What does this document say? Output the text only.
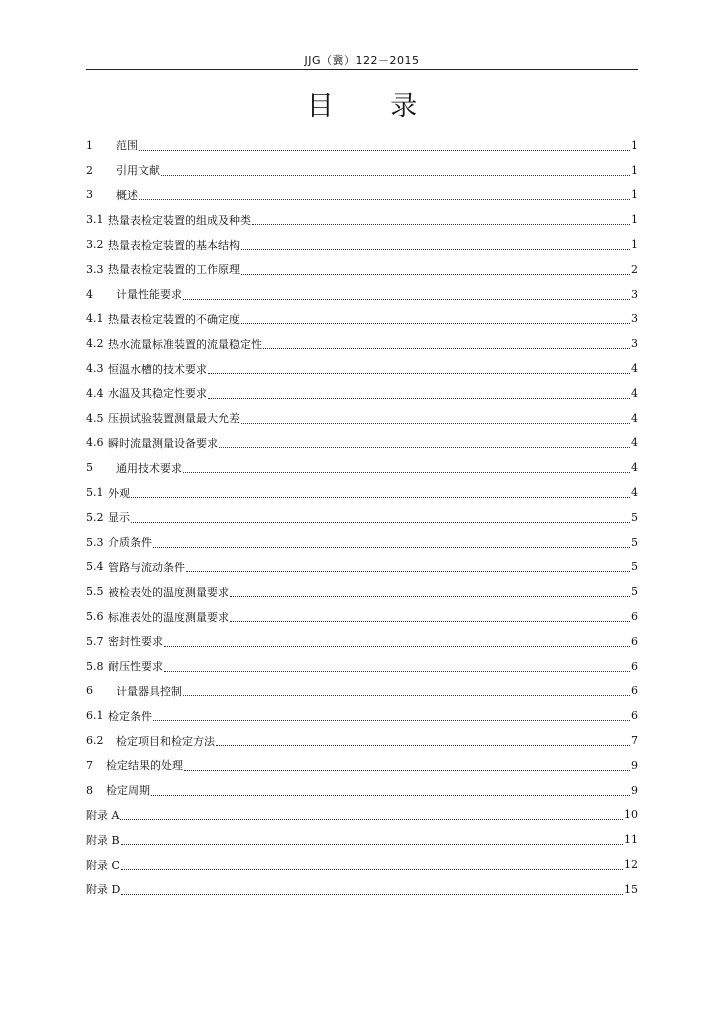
JJG（冀）122－2015
目 录
1	范围	1
2	引用文献	1
3	概述	1
3.1 热量表检定装置的组成及种类	1
3.2 热量表检定装置的基本结构	1
3.3 热量表检定装置的工作原理	2
4	计量性能要求	3
4.1 热量表检定装置的不确定度	3
4.2 热水流量标准装置的流量稳定性	3
4.3 恒温水槽的技术要求	4
4.4 水温及其稳定性要求	4
4.5 压损试验装置测量最大允差	4
4.6 瞬时流量测量设备要求	4
5	通用技术要求	4
5.1 外观	4
5.2 显示	5
5.3 介质条件	5
5.4 管路与流动条件	5
5.5 被检表处的温度测量要求	5
5.6 标准表处的温度测量要求	6
5.7 密封性要求	6
5.8 耐压性要求	6
6	计量器具控制	6
6.1 检定条件	6
6.2	检定项目和检定方法	7
7	检定结果的处理	9
8	检定周期	9
附录 A	10
附录 B	11
附录 C	12
附录 D	15
